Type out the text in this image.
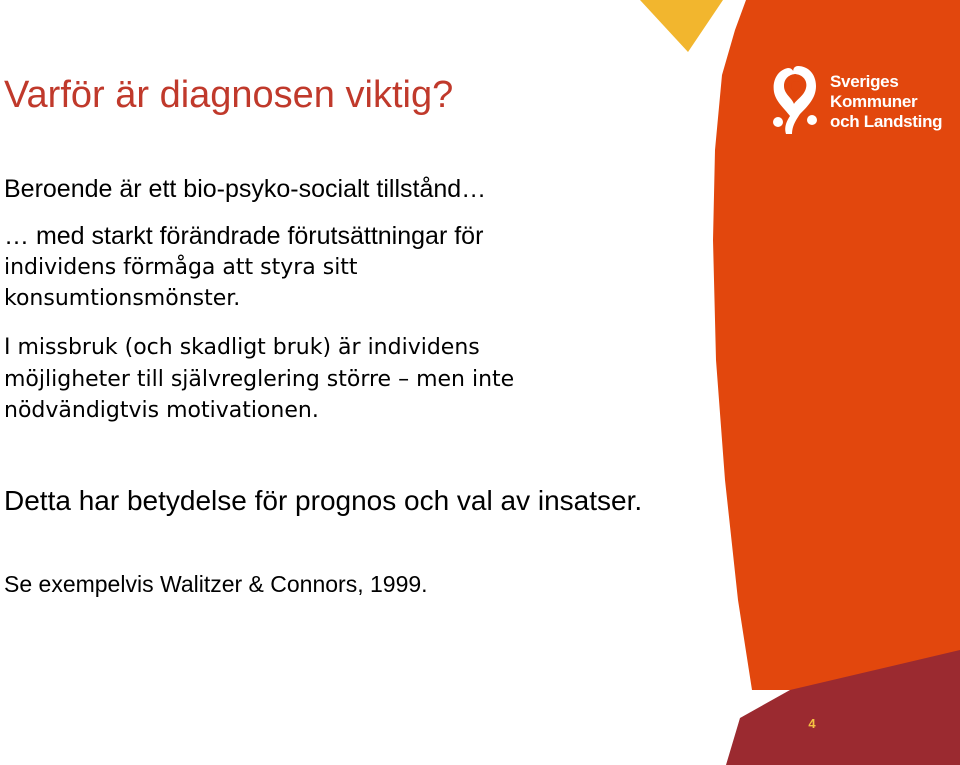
Varför är diagnosen viktig?

Beroende är ett bio-psyko-socialt tillstånd…

… med starkt förändrade förutsättningar för

individens förmåga att styra sitt

konsumtionsmönster.

I missbruk (och skadligt bruk) är individens

möjligheter till självreglering större – men inte

nödvändigtvis motivationen.

Detta har betydelse för prognos och val av insatser.

Se exempelvis Walitzer & Connors, 1999.

Sveriges
Kommuner
och Landsting
4
